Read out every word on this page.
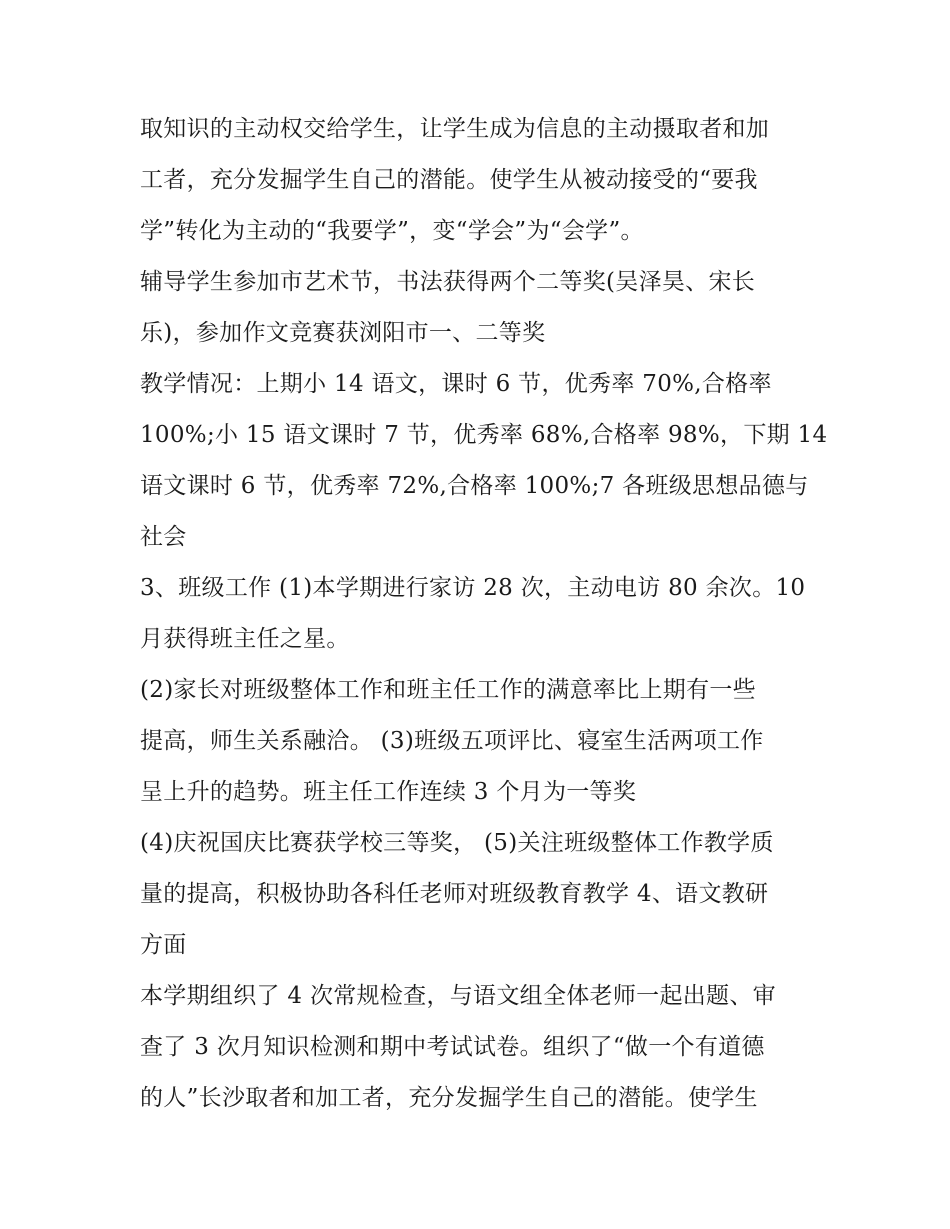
取知识的主动权交给学生，让学生成为信息的主动摄取者和加
工者，充分发掘学生自己的潜能。使学生从被动接受的“要我
学”转化为主动的“我要学”，变“学会”为“会学”。
辅导学生参加市艺术节，书法获得两个二等奖(吴泽昊、宋长
乐)，参加作文竞赛获浏阳市一、二等奖
教学情况：上期小 14 语文，课时 6 节，优秀率 70%,合格率
100%;小 15 语文课时 7 节，优秀率 68%,合格率 98%，下期 14
语文课时 6 节，优秀率 72%,合格率 100%;7 各班级思想品德与
社会
3、班级工作 (1)本学期进行家访 28 次，主动电访 80 余次。10
月获得班主任之星。
(2)家长对班级整体工作和班主任工作的满意率比上期有一些
提高，师生关系融洽。 (3)班级五项评比、寝室生活两项工作
呈上升的趋势。班主任工作连续 3 个月为一等奖
(4)庆祝国庆比赛获学校三等奖， (5)关注班级整体工作教学质
量的提高，积极协助各科任老师对班级教育教学 4、语文教研
方面
本学期组织了 4 次常规检查，与语文组全体老师一起出题、审
查了 3 次月知识检测和期中考试试卷。组织了“做一个有道德
的人”长沙取者和加工者，充分发掘学生自己的潜能。使学生
